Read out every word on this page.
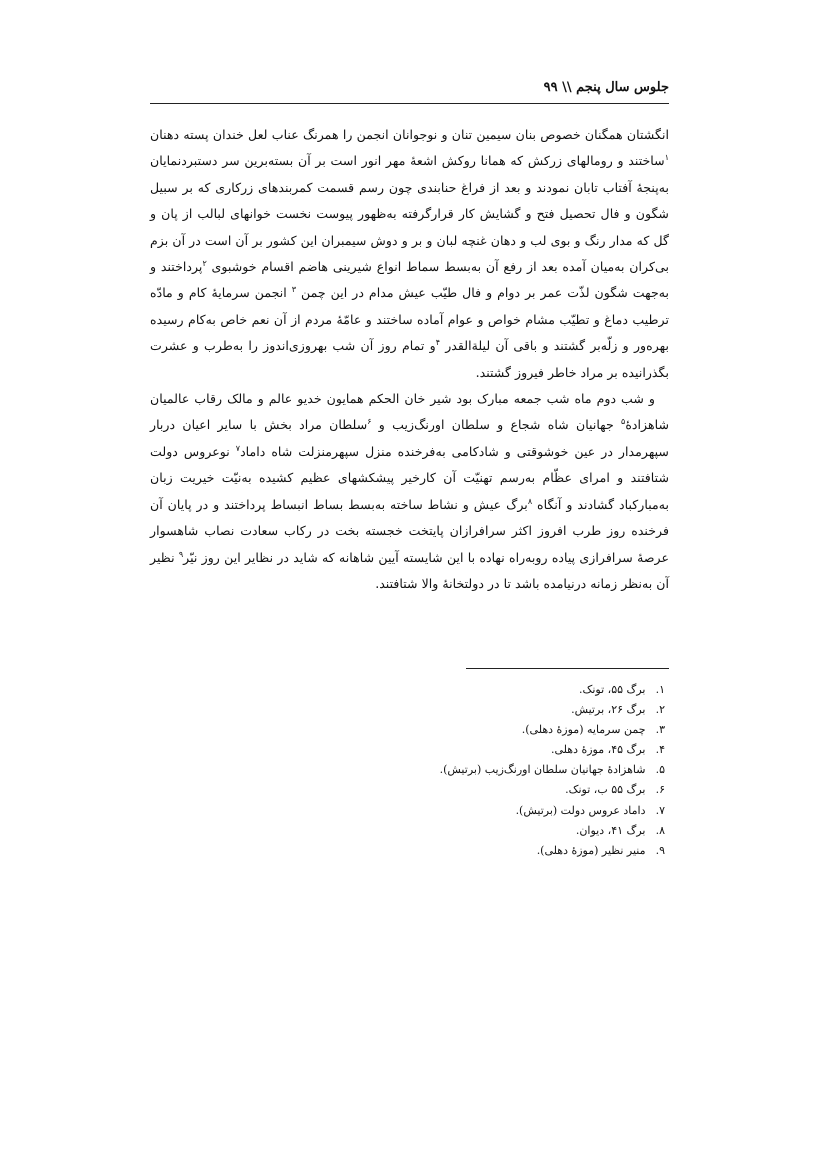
جلوس سال پنجم \\ ۹۹

انگشتان همگنان خصوص بنان سیمین تنان و نوجوانان انجمن را همرنگ عناب لعل خندان پسته دهنان $^۱$ساختند و رومالهای زرکش که همانا روکش اشعهٔ مهر انور است بر آن بسته‌برین سر دستبردنمایان به‌پنجهٔ آفتاب تابان نمودند و بعد از فراغ حنابندی چون رسم قسمت کمربندهای زرکاری که بر سبیل شگون و فال تحصیل فتح و گشایش کار قرارگرفته به‌ظهور پیوست نخست خوانهای لبالب از پان و گل که مدار رنگ و بوی لب و دهان غنچه لبان و بر و دوش سیمبران این کشور بر آن است در آن بزم بی‌کران به‌میان آمده بعد از رفع آن به‌بسط سماط انواع شیرینی هاضم اقسام خوشبوی $^۲$پرداختند و به‌جهت شگون لذّت عمر بر دوام و فال طیّب عیش مدام در این چمن $^۳$ انجمن سرمایهٔ کام و مادّه ترطیب دماغ و تطیّب مشام خواص و عوام آماده ساختند و عامّهٔ مردم از آن نعم خاص به‌کام رسیده بهره‌ور و زلّه‌بر گشتند و باقی آن لیلةالقدر $^۴$و تمام روز آن شب بهروزی‌اندوز را به‌طرب و عشرت بگذرانیده بر مراد خاطر فیروز گشتند.

و شب دوم ماه شب جمعه مبارک بود شیر خان الحکم همایون خدیو عالم و مالک رقاب عالمیان شاهزادهٔ$^۵$ جهانیان شاه شجاع و سلطان اورنگ‌زیب و $^۶$سلطان مراد بخش با سایر اعیان دربار سپهرمدار در عین خوشوقتی و شادکامی به‌فرخنده منزل سپهرمنزلت شاه داماد$^۷$ نوعروس دولت شتافتند و امرای عظّام به‌رسم تهنیّت آن کارخیر پیشکشهای عظیم کشیده به‌نیّت خیریت زبان به‌مبارکباد گشادند و آنگاه $^۸$برگ عیش و نشاط ساخته به‌بسط بساط انبساط پرداختند و در پایان آن فرخنده روز طرب افروز اکثر سرافرازان پایتخت خجسته بخت در رکاب سعادت نصاب شاهسوار عرصهٔ سرافرازی پیاده روبه‌راه نهاده با این شایسته آیین شاهانه که شاید در نظایر این روز نیّر$^۹$ نظیر آن به‌نظر زمانه درنیامده باشد تا در دولتخانهٔ والا شتافتند.

۱. برگ ۵۵، تونک.
۲. برگ ۲۶، برتیش.
۳. چمن سرمایه (موزهٔ دهلی).
۴. برگ ۴۵، موزهٔ دهلی.
۵. شاهزادهٔ جهانیان سلطان اورنگ‌زیب (برتیش).
۶. برگ ۵۵ ب، تونک.
۷. داماد عروس دولت (برتیش).
۸. برگ ۴۱، دیوان.
۹. منیر نظیر (موزهٔ دهلی).
